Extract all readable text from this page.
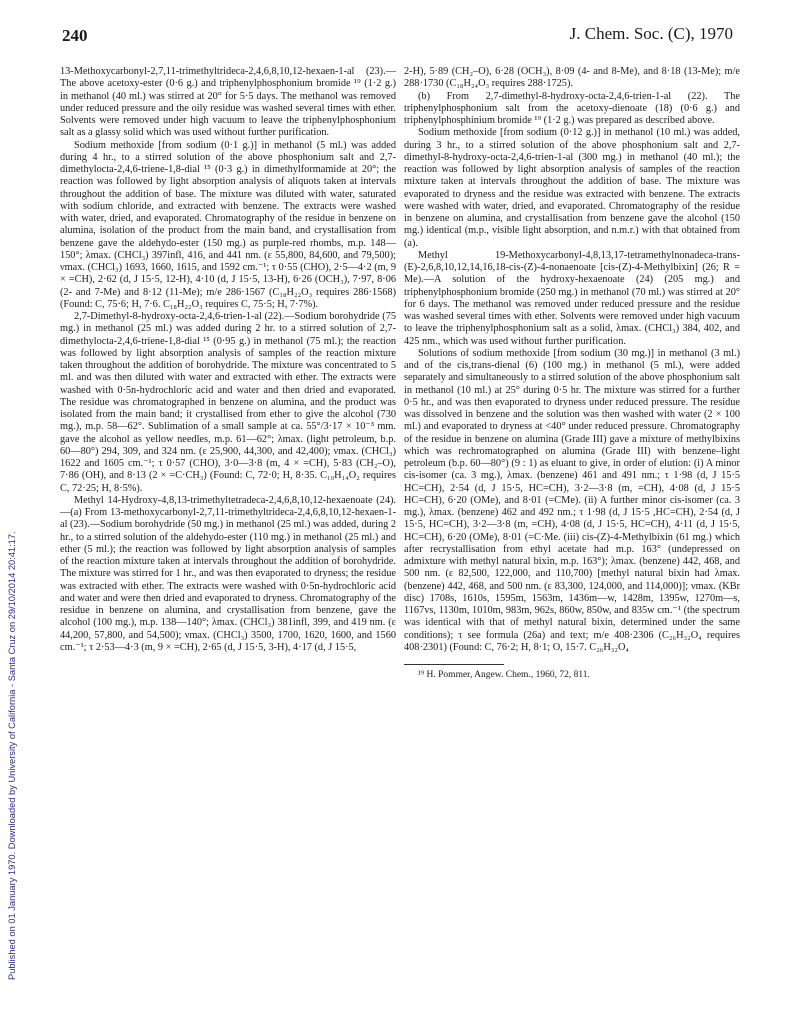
240	J. Chem. Soc. (C), 1970
Published on 01 January 1970. Downloaded by University of California - Santa Cruz on 29/10/2014 20:41:17.

13-Methoxycarbonyl-2,7,11-trimethyltrideca-2,4,6,8,10,12-hexaen-1-al (23).—The above acetoxy-ester (0·6 g.) and triphenylphosphonium bromide ¹⁹ (1·2 g.) in methanol (40 ml.) was stirred at 20° for 5·5 days. The methanol was removed under reduced pressure and the oily residue was washed several times with ether. Solvents were removed under high vacuum to leave the triphenylphosphonium salt as a glassy solid which was used without further purification.

Sodium methoxide [from sodium (0·1 g.)] in methanol (5 ml.) was added during 4 hr., to a stirred solution of the above phosphonium salt and 2,7-dimethylocta-2,4,6-triene-1,8-dial ¹⁵ (0·3 g.) in dimethylformamide at 20°; the reaction was followed by light absorption analysis of aliquots taken at intervals throughout the addition of base. The mixture was diluted with water, saturated with sodium chloride, and extracted with benzene. The extracts were washed with water, dried, and evaporated. Chromatography of the residue in benzene on alumina, isolation of the product from the main band, and crystallisation from benzene gave the aldehydo-ester (150 mg.) as purple-red rhombs, m.p. 148—150°; λmax. (CHCl₃) 397infl, 416, and 441 nm. (ε 55,800, 84,600, and 79,500); νmax. (CHCl₃) 1693, 1660, 1615, and 1592 cm.⁻¹; τ 0·55 (CHO), 2·5—4·2 (m, 9 × =CH), 2·62 (d, J 15·5, 12-H), 4·10 (d, J 15·5, 13-H), 6·26 (OCH₃), 7·97, 8·06 (2- and 7-Me) and 8·12 (11-Me); m/e 286·1567 (C₁₈H₂₂O₃ requires 286·1568) (Found: C, 75·6; H, 7·6. C₁₈H₂₂O₃ requires C, 75·5; H, 7·7%).

2,7-Dimethyl-8-hydroxy-octa-2,4,6-trien-1-al (22).—Sodium borohydride (75 mg.) in methanol (25 ml.) was added during 2 hr. to a stirred solution of 2,7-dimethylocta-2,4,6-triene-1,8-dial ¹⁵ (0·95 g.) in methanol (75 ml.); the reaction was followed by light absorption analysis of samples of the reaction mixture taken throughout the addition of borohydride. The mixture was concentrated to 5 ml. and was then diluted with water and extracted with ether. The extracts were washed with 0·5n-hydrochloric acid and water and then dried and evaporated. The residue was chromatographed in benzene on alumina, and the product was isolated from the main band; it crystallised from ether to give the alcohol (730 mg.), m.p. 58—62°. Sublimation of a small sample at ca. 55°/3·17 × 10⁻³ mm. gave the alcohol as yellow needles, m.p. 61—62°; λmax. (light petroleum, b.p. 60—80°) 294, 309, and 324 nm. (ε 25,900, 44,300, and 42,400); νmax. (CHCl₃) 1622 and 1605 cm.⁻¹; τ 0·57 (CHO), 3·0—3·8 (m, 4 × =CH), 5·83 (CH₂–O), 7·86 (OH), and 8·13 (2 × =C·CH₃) (Found: C, 72·0; H, 8·35. C₁₀H₁₄O₂ requires C, 72·25; H, 8·5%).

Methyl 14-Hydroxy-4,8,13-trimethyltetradeca-2,4,6,8,10,12-hexaenoate (24).—(a) From 13-methoxycarbonyl-2,7,11-trimethyltrideca-2,4,6,8,10,12-hexaen-1-al (23).—Sodium borohydride (50 mg.) in methanol (25 ml.) was added, during 2 hr., to a stirred solution of the aldehydo-ester (110 mg.) in methanol (25 ml.) and ether (5 ml.); the reaction was followed by light absorption analysis of samples of the reaction mixture taken at intervals throughout the addition of borohydride. The mixture was stirred for 1 hr., and was then evaporated to dryness; the residue was extracted with ether. The extracts were washed with 0·5n-hydrochloric acid and water and were then dried and evaporated to dryness. Chromatography of the residue in benzene on alumina, and crystallisation from benzene, gave the alcohol (100 mg.), m.p. 138—140°; λmax. (CHCl₃) 381infl, 399, and 419 nm. (ε 44,200, 57,800, and 54,500); νmax. (CHCl₃) 3500, 1700, 1620, 1600, and 1560 cm.⁻¹; τ 2·53—4·3 (m, 9 × =CH), 2·65 (d, J 15·5, 3-H), 4·17 (d, J 15·5,

2-H), 5·89 (CH₂–O), 6·28 (OCH₃), 8·09 (4- and 8-Me), and 8·18 (13-Me); m/e 288·1730 (C₁₈H₂₄O₃ requires 288·1725).

(b) From 2,7-dimethyl-8-hydroxy-octa-2,4,6-trien-1-al (22). The triphenylphosphonium salt from the acetoxy-dienoate (18) (0·6 g.) and triphenylphosphinium bromide ¹⁹ (1·2 g.) was prepared as described above.

Sodium methoxide [from sodium (0·12 g.)] in methanol (10 ml.) was added, during 3 hr., to a stirred solution of the above phosphonium salt and 2,7-dimethyl-8-hydroxy-octa-2,4,6-trien-1-al (300 mg.) in methanol (40 ml.); the reaction was followed by light absorption analysis of samples of the reaction mixture taken at intervals throughout the addition of base. The mixture was evaporated to dryness and the residue was extracted with benzene. The extracts were washed with water, dried, and evaporated. Chromatography of the residue in benzene on alumina, and crystallisation from benzene gave the alcohol (150 mg.) identical (m.p., visible light absorption, and n.m.r.) with that obtained from (a).

Methyl 19-Methoxycarbonyl-4,8,13,17-tetramethylnonadeca-trans-(E)-2,6,8,10,12,14,16,18-cis-(Z)-4-nonaenoate [cis-(Z)-4-Methylbixin] (26; R = Me).—A solution of the hydroxy-hexaenoate (24) (205 mg.) and triphenylphosphonium bromide (250 mg.) in methanol (70 ml.) was stirred at 20° for 6 days. The methanol was removed under reduced pressure and the residue was washed several times with ether. Solvents were removed under high vacuum to leave the triphenylphosphonium salt as a solid, λmax. (CHCl₃) 384, 402, and 425 nm., which was used without further purification.

Solutions of sodium methoxide [from sodium (30 mg.)] in methanol (3 ml.) and of the cis,trans-dienal (6) (100 mg.) in methanol (5 ml.), were added separately and simultaneously to a stirred solution of the above phosphonium salt in methanol (10 ml.) at 25° during 0·5 hr. The mixture was stirred for a further 0·5 hr., and was then evaporated to dryness under reduced pressure. The residue was dissolved in benzene and the solution was then washed with water (2 × 100 ml.) and evaporated to dryness at <40° under reduced pressure. Chromatography of the residue in benzene on alumina (Grade III) gave a mixture of methylbixins which was rechromatographed on alumina (Grade III) with benzene–light petroleum (b.p. 60—80°) (9 : 1) as eluant to give, in order of elution: (i) A minor cis-isomer (ca. 3 mg.), λmax. (benzene) 461 and 491 nm.; τ 1·98 (d, J 15·5 HC=CH), 2·54 (d, J 15·5, HC=CH), 3·2—3·8 (m, =CH), 4·08 (d, J 15·5 HC=CH), 6·20 (OMe), and 8·01 (=CMe). (ii) A further minor cis-isomer (ca. 3 mg.), λmax. (benzene) 462 and 492 nm.; τ 1·98 (d, J 15·5 ,HC=CH), 2·54 (d, J 15·5, HC=CH), 3·2—3·8 (m, =CH), 4·08 (d, J 15·5, HC=CH), 4·11 (d, J 15·5, HC=CH), 6·20 (OMe), 8·01 (=C·Me. (iii) cis-(Z)-4-Methylbixin (61 mg.) which after recrystallisation from ethyl acetate had m.p. 163° (undepressed on admixture with methyl natural bixin, m.p. 163°); λmax. (benzene) 442, 468, and 500 nm. (ε 82,500, 122,000, and 110,700) [methyl natural bixin had λmax. (benzene) 442, 468, and 500 nm. (ε 83,300, 124,000, and 114,000)]; νmax. (KBr disc) 1708s, 1610s, 1595m, 1563m, 1436m—w, 1428m, 1395w, 1270m—s, 1167vs, 1130m, 1010m, 983m, 962s, 860w, 850w, and 835w cm.⁻¹ (the spectrum was identical with that of methyl natural bixin, determined under the same conditions); τ see formula (26a) and text; m/e 408·2306 (C₂₆H₃₂O₄ requires 408·2301) (Found: C, 76·2; H, 8·1; O, 15·7. C₂₆H₃₂O₄

¹⁹ H. Pommer, Angew. Chem., 1960, 72, 811.
